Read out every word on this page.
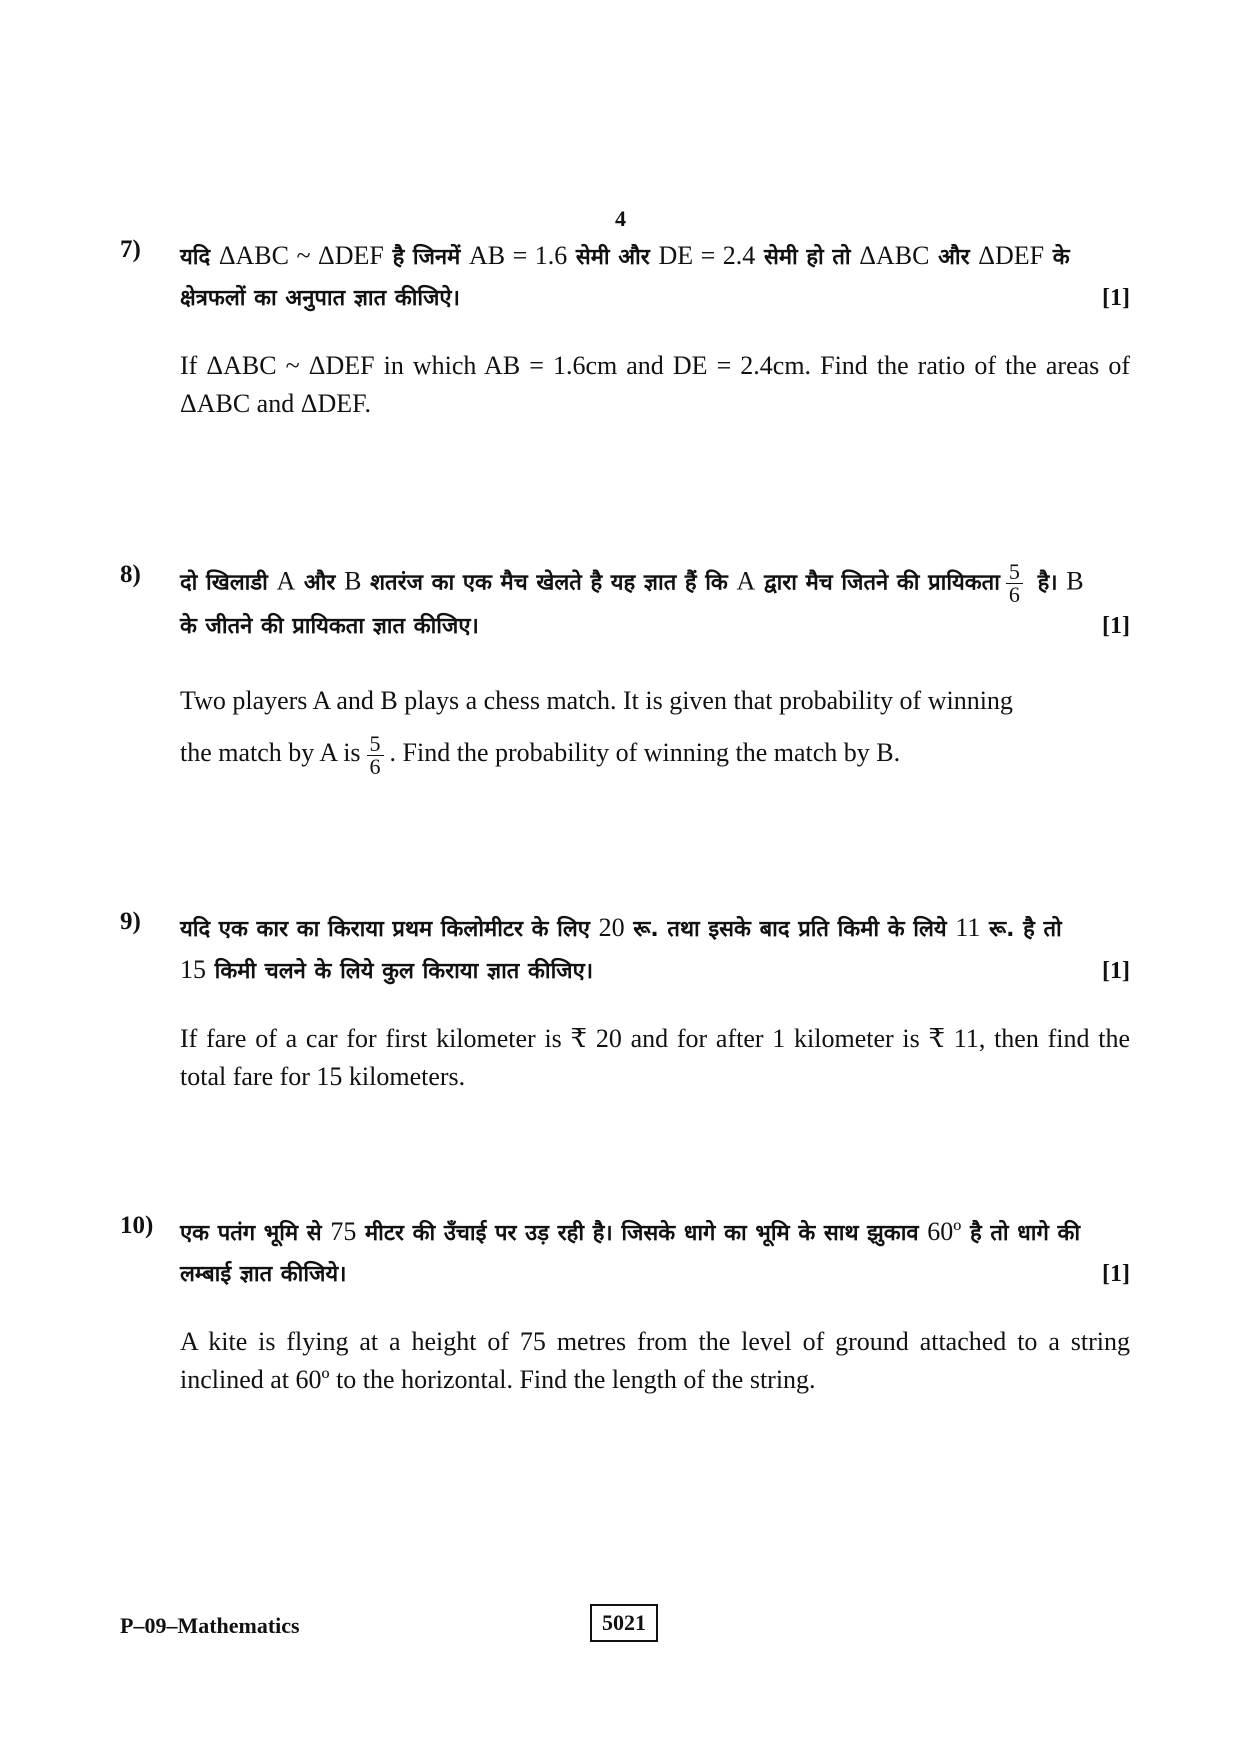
4
7) यदि ΔABC ~ ΔDEF है जिनमें AB = 1.6 सेमी और DE = 2.4 सेमी हो तो ΔABC और ΔDEF के
क्षेत्रफलों का अनुपात ज्ञात कीजिऐ।	[1]
If ΔABC ~ ΔDEF in which AB = 1.6cm and DE = 2.4cm. Find the ratio of the areas of ΔABC and ΔDEF.
8) दो खिलाडी A और B शतरंज का एक मैच खेलते है यह ज्ञात हैं कि A द्वारा मैच जितने की प्रायिकता $\frac{5}{6}$ है। B
के जीतने की प्रायिकता ज्ञात कीजिए।	[1]
Two players A and B plays a chess match. It is given that probability of winning
the match by A is $\frac{5}{6}$ . Find the probability of winning the match by B.
9) यदि एक कार का किराया प्रथम किलोमीटर के लिए 20 रू. तथा इसके बाद प्रति किमी के लिये 11 रू. है तो
15 किमी चलने के लिये कुल किराया ज्ञात कीजिए।	[1]
If fare of a car for first kilometer is ₹ 20 and for after 1 kilometer is ₹ 11, then find the total fare for 15 kilometers.
10) एक पतंग भूमि से 75 मीटर की उँचाई पर उड़ रही है। जिसके धागे का भूमि के साथ झुकाव 60º है तो धागे की
लम्बाई ज्ञात कीजिये।	[1]
A kite is flying at a height of 75 metres from the level of ground attached to a string inclined at 60º to the horizontal. Find the length of the string.
P–09–Mathematics	5021
